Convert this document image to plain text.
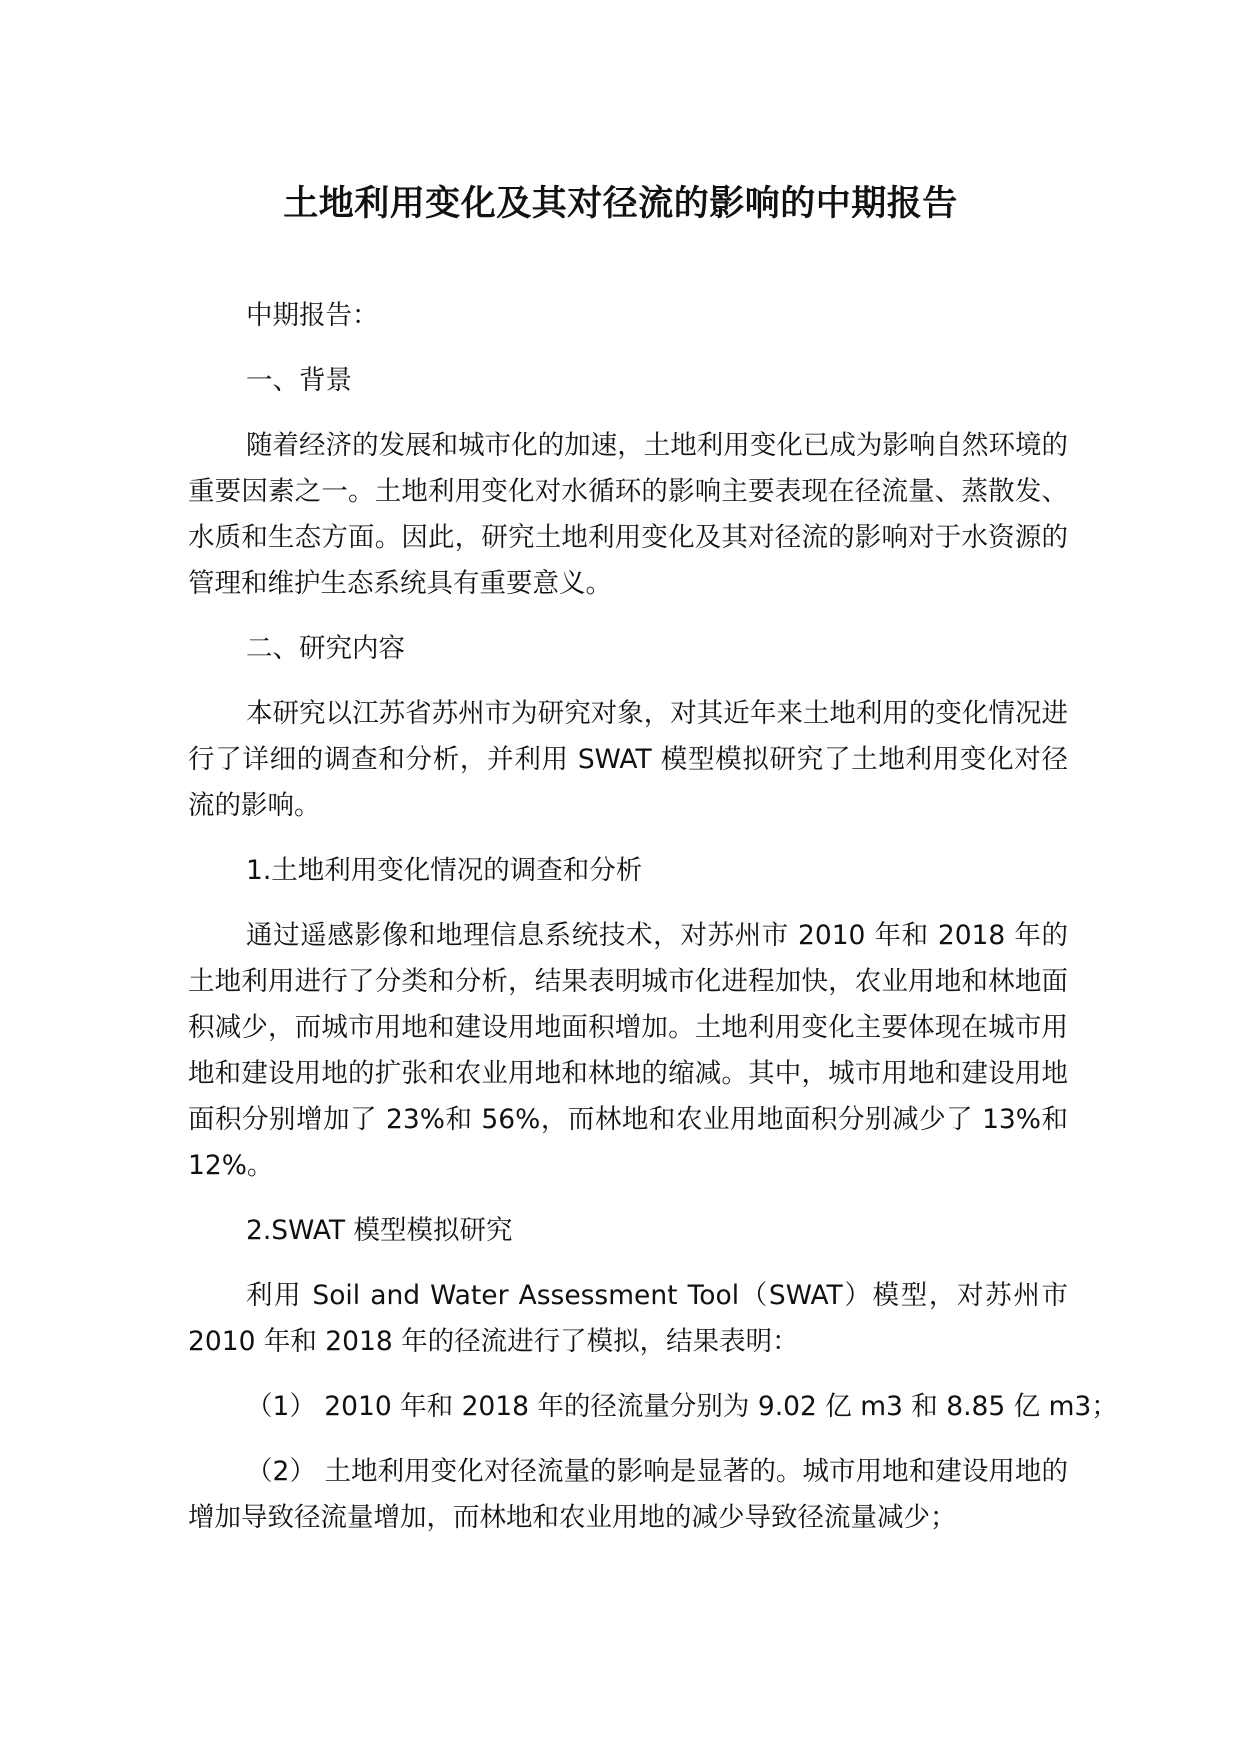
土地利用变化及其对径流的影响的中期报告

中期报告：

一、背景

随着经济的发展和城市化的加速，土地利用变化已成为影响自然环境的重要因素之一。土地利用变化对水循环的影响主要表现在径流量、蒸散发、水质和生态方面。因此，研究土地利用变化及其对径流的影响对于水资源的管理和维护生态系统具有重要意义。

二、研究内容

本研究以江苏省苏州市为研究对象，对其近年来土地利用的变化情况进行了详细的调查和分析，并利用 SWAT 模型模拟研究了土地利用变化对径流的影响。

1.土地利用变化情况的调查和分析

通过遥感影像和地理信息系统技术，对苏州市 2010 年和 2018 年的土地利用进行了分类和分析，结果表明城市化进程加快，农业用地和林地面积减少，而城市用地和建设用地面积增加。土地利用变化主要体现在城市用地和建设用地的扩张和农业用地和林地的缩减。其中，城市用地和建设用地面积分别增加了 23%和 56%，而林地和农业用地面积分别减少了 13%和 12%。

2.SWAT 模型模拟研究

利用 Soil and Water Assessment Tool（SWAT）模型，对苏州市 2010 年和 2018 年的径流进行了模拟，结果表明：

（1） 2010 年和 2018 年的径流量分别为 9.02 亿 m3 和 8.85 亿 m3；

（2） 土地利用变化对径流量的影响是显著的。城市用地和建设用地的增加导致径流量增加，而林地和农业用地的减少导致径流量减少；
